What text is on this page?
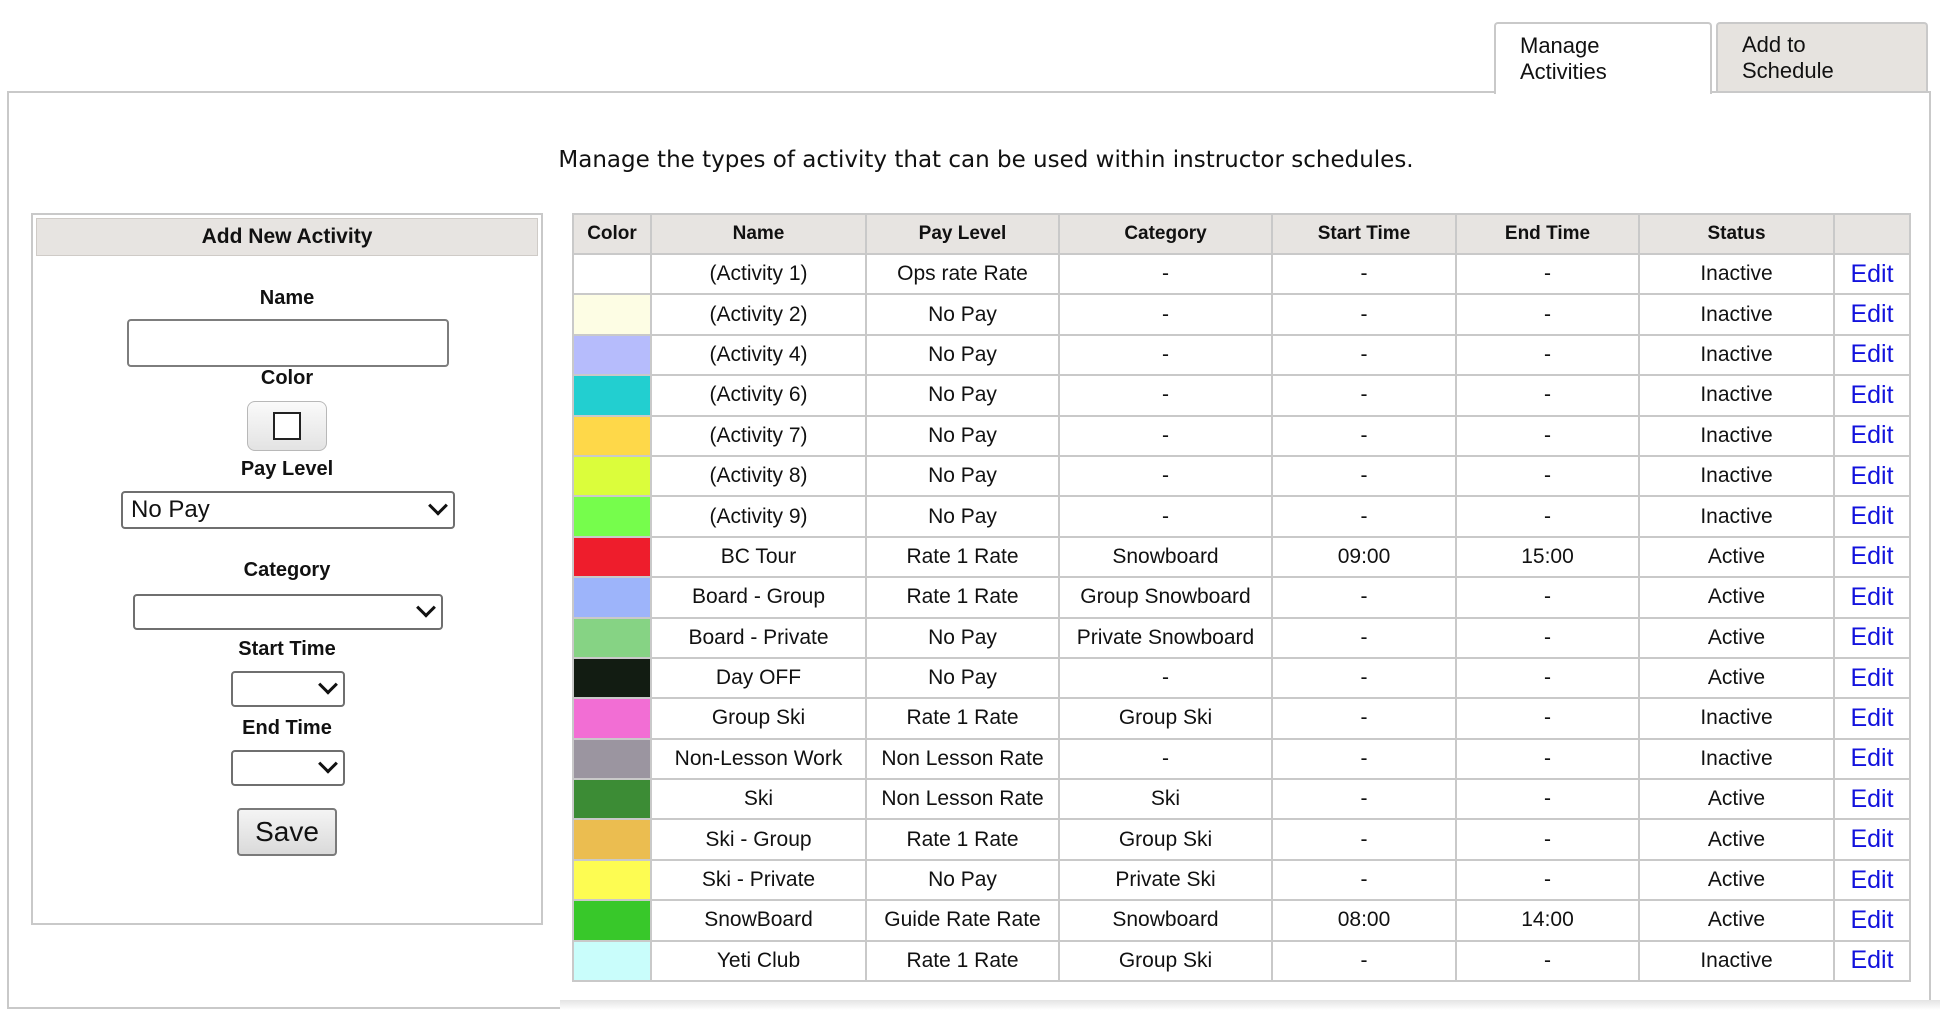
Manage Activities
Add to Schedule
Manage the types of activity that can be used within instructor schedules.
Add New Activity
Name
Color
Pay Level
No Pay
Category
Start Time
End Time
Save
Color	Name	Pay Level	Category	Start Time	End Time	Status	
	(Activity 1)	Ops rate Rate	-	-	-	Inactive	Edit
	(Activity 2)	No Pay	-	-	-	Inactive	Edit
	(Activity 4)	No Pay	-	-	-	Inactive	Edit
	(Activity 6)	No Pay	-	-	-	Inactive	Edit
	(Activity 7)	No Pay	-	-	-	Inactive	Edit
	(Activity 8)	No Pay	-	-	-	Inactive	Edit
	(Activity 9)	No Pay	-	-	-	Inactive	Edit
	BC Tour	Rate 1 Rate	Snowboard	09:00	15:00	Active	Edit
	Board - Group	Rate 1 Rate	Group Snowboard	-	-	Active	Edit
	Board - Private	No Pay	Private Snowboard	-	-	Active	Edit
	Day OFF	No Pay	-	-	-	Active	Edit
	Group Ski	Rate 1 Rate	Group Ski	-	-	Inactive	Edit
	Non-Lesson Work	Non Lesson Rate	-	-	-	Inactive	Edit
	Ski	Non Lesson Rate	Ski	-	-	Active	Edit
	Ski - Group	Rate 1 Rate	Group Ski	-	-	Active	Edit
	Ski - Private	No Pay	Private Ski	-	-	Active	Edit
	SnowBoard	Guide Rate Rate	Snowboard	08:00	14:00	Active	Edit
	Yeti Club	Rate 1 Rate	Group Ski	-	-	Inactive	Edit
